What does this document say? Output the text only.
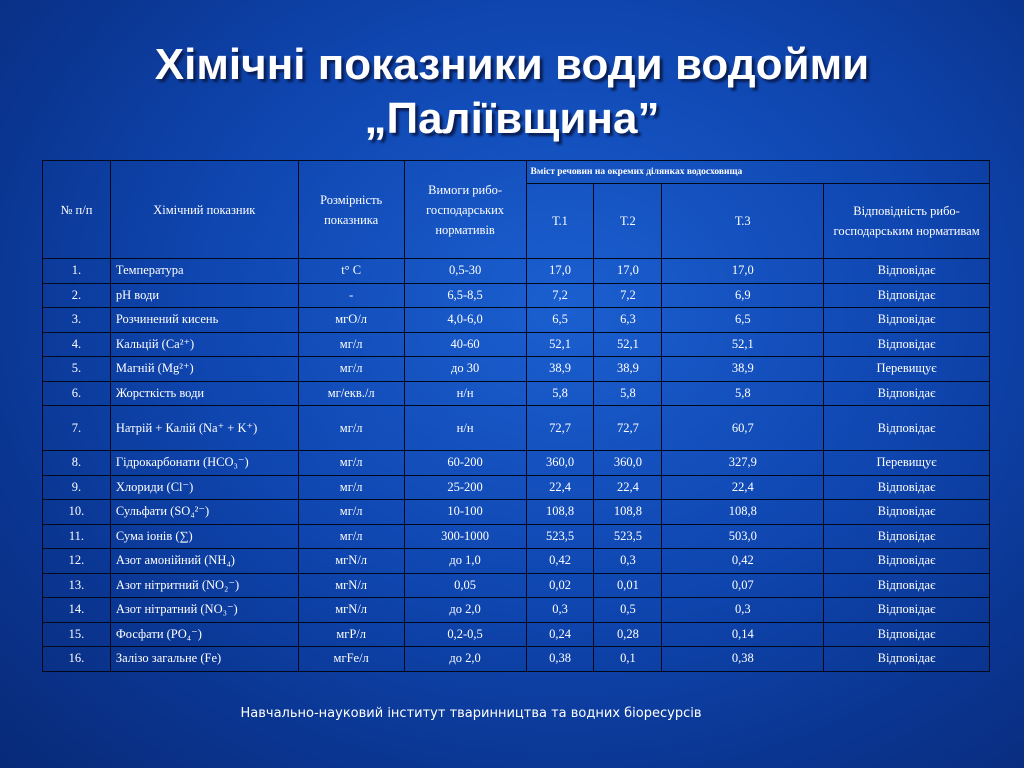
Хімічні показники води водойми
„Паліївщина”
№ п/п	Хімічний показник	Розмірність показника	Вимоги рибо-господарських нормативів	Вміст речовин на окремих ділянках водосховища			
				Т.1	Т.2	Т.3	Відповідність рибо-господарським нормативам
1.	Температура	t° C	0,5-30	17,0	17,0	17,0	Відповідає
2.	pH води	-	6,5-8,5	7,2	7,2	6,9	Відповідає
3.	Розчинений кисень	мгО/л	4,0-6,0	6,5	6,3	6,5	Відповідає
4.	Кальцій (Ca²⁺)	мг/л	40-60	52,1	52,1	52,1	Відповідає
5.	Магній (Mg²⁺)	мг/л	до 30	38,9	38,9	38,9	Перевищує
6.	Жорсткість води	мг/екв./л	н/н	5,8	5,8	5,8	Відповідає
7.	Натрій + Калій (Na⁺ + K⁺)	мг/л	н/н	72,7	72,7	60,7	Відповідає
8.	Гідрокарбонати (HCO₃⁻)	мг/л	60-200	360,0	360,0	327,9	Перевищує
9.	Хлориди (Cl⁻)	мг/л	25-200	22,4	22,4	22,4	Відповідає
10.	Сульфати (SO₄²⁻)	мг/л	10-100	108,8	108,8	108,8	Відповідає
11.	Сума іонів (∑)	мг/л	300-1000	523,5	523,5	503,0	Відповідає
12.	Азот амонійний (NH₄)	мгN/л	до 1,0	0,42	0,3	0,42	Відповідає
13.	Азот нітритний (NO₂⁻)	мгN/л	0,05	0,02	0,01	0,07	Відповідає
14.	Азот нітратний (NO₃⁻)	мгN/л	до 2,0	0,3	0,5	0,3	Відповідає
15.	Фосфати (PO₄⁻)	мгР/л	0,2-0,5	0,24	0,28	0,14	Відповідає
16.	Залізо загальне (Fe)	мгFe/л	до 2,0	0,38	0,1	0,38	Відповідає
Навчально-науковий інститут тваринництва та водних біоресурсів
